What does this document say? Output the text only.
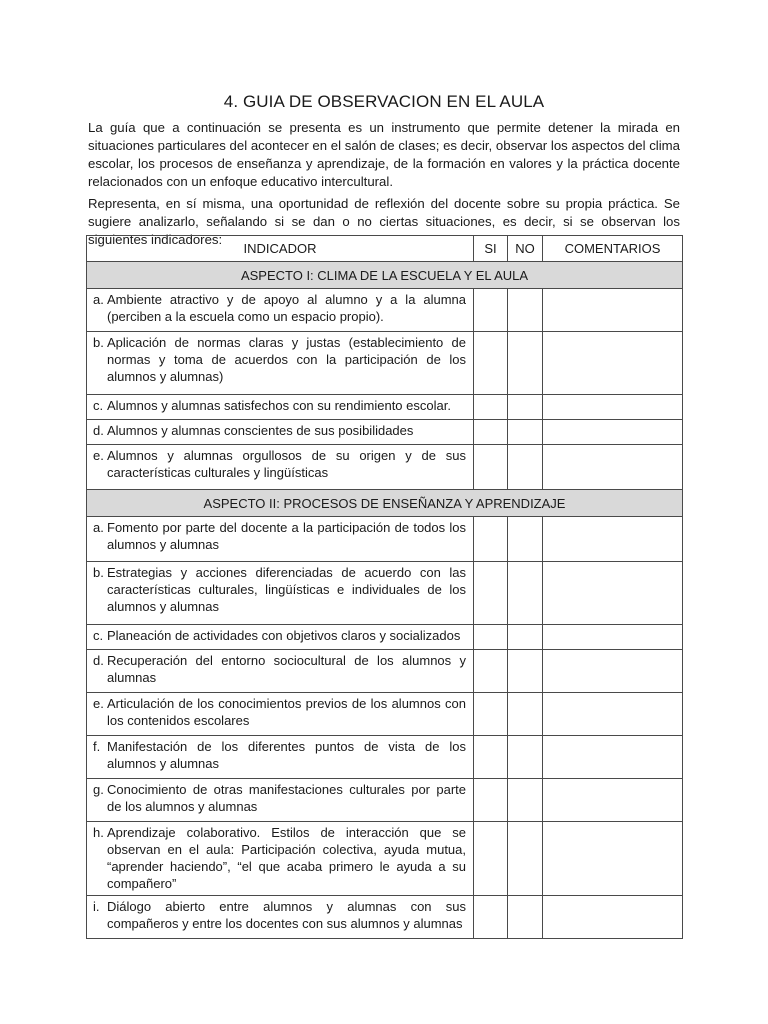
4. GUIA DE OBSERVACION EN EL AULA

La guía que a continuación se presenta es un instrumento que permite detener la mirada en situaciones particulares del acontecer en el salón de clases; es decir, observar los aspectos del clima escolar, los procesos de enseñanza y aprendizaje, de la formación en valores y la práctica docente relacionados con un enfoque educativo intercultural.

Representa, en sí misma, una oportunidad de reflexión del docente sobre su propia práctica. Se sugiere analizarlo, señalando si se dan o no ciertas situaciones, es decir, si se observan los siguientes indicadores:

INDICADOR	SI	NO	COMENTARIOS
ASPECTO I: CLIMA DE LA ESCUELA Y EL AULA			

a. Ambiente atractivo y de apoyo al alumno y a la alumna (perciben a la escuela como un espacio propio).			

b. Aplicación de normas claras y justas (establecimiento de normas y toma de acuerdos con la participación de los alumnos y alumnas)			

c. Alumnos y alumnas satisfechos con su rendimiento escolar.			

d. Alumnos y alumnas conscientes de sus posibilidades			

e. Alumnos y alumnas orgullosos de su origen y de sus características culturales y lingüísticas			

ASPECTO II: PROCESOS DE ENSEÑANZA Y APRENDIZAJE			

a. Fomento por parte del docente a la participación de todos los alumnos y alumnas			

b. Estrategias y acciones diferenciadas de acuerdo con las características culturales, lingüísticas e individuales de los alumnos y alumnas			

c. Planeación de actividades con objetivos claros y socializados			

d. Recuperación del entorno sociocultural de los alumnos y alumnas			

e. Articulación de los conocimientos previos de los alumnos con los contenidos escolares			

f. Manifestación de los diferentes puntos de vista de los alumnos y alumnas			

g. Conocimiento de otras manifestaciones culturales por parte de los alumnos y alumnas			

h. Aprendizaje colaborativo. Estilos de interacción que se observan en el aula: Participación colectiva, ayuda mutua, “aprender haciendo”, “el que acaba primero le ayuda a su compañero”			

i. Diálogo abierto entre alumnos y alumnas con sus compañeros y entre los docentes con sus alumnos y alumnas			
